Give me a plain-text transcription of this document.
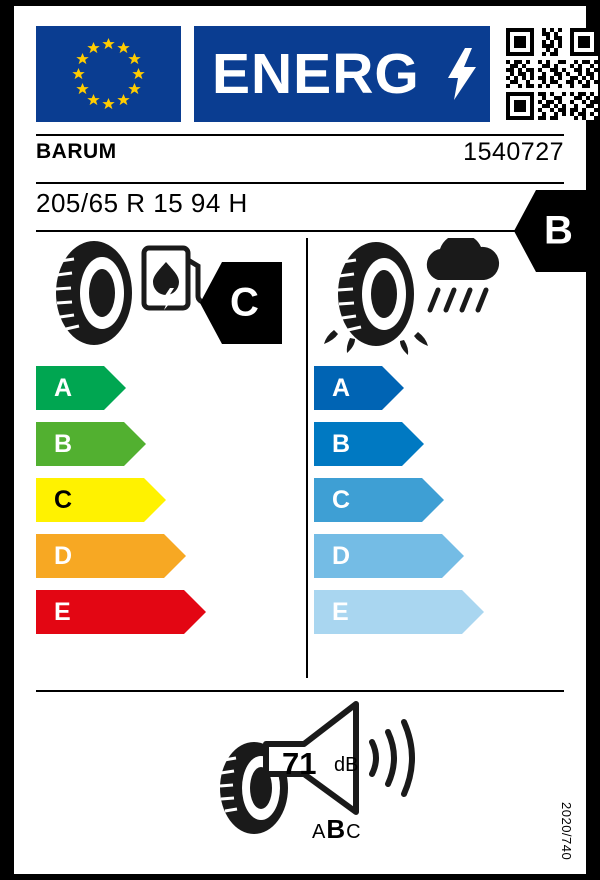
ENERG
BARUM	1540727
205/65 R 15 94 H
A
B
C
D
E
C
A
B
C
D
E
B
71 dB
ABC	2020/740
